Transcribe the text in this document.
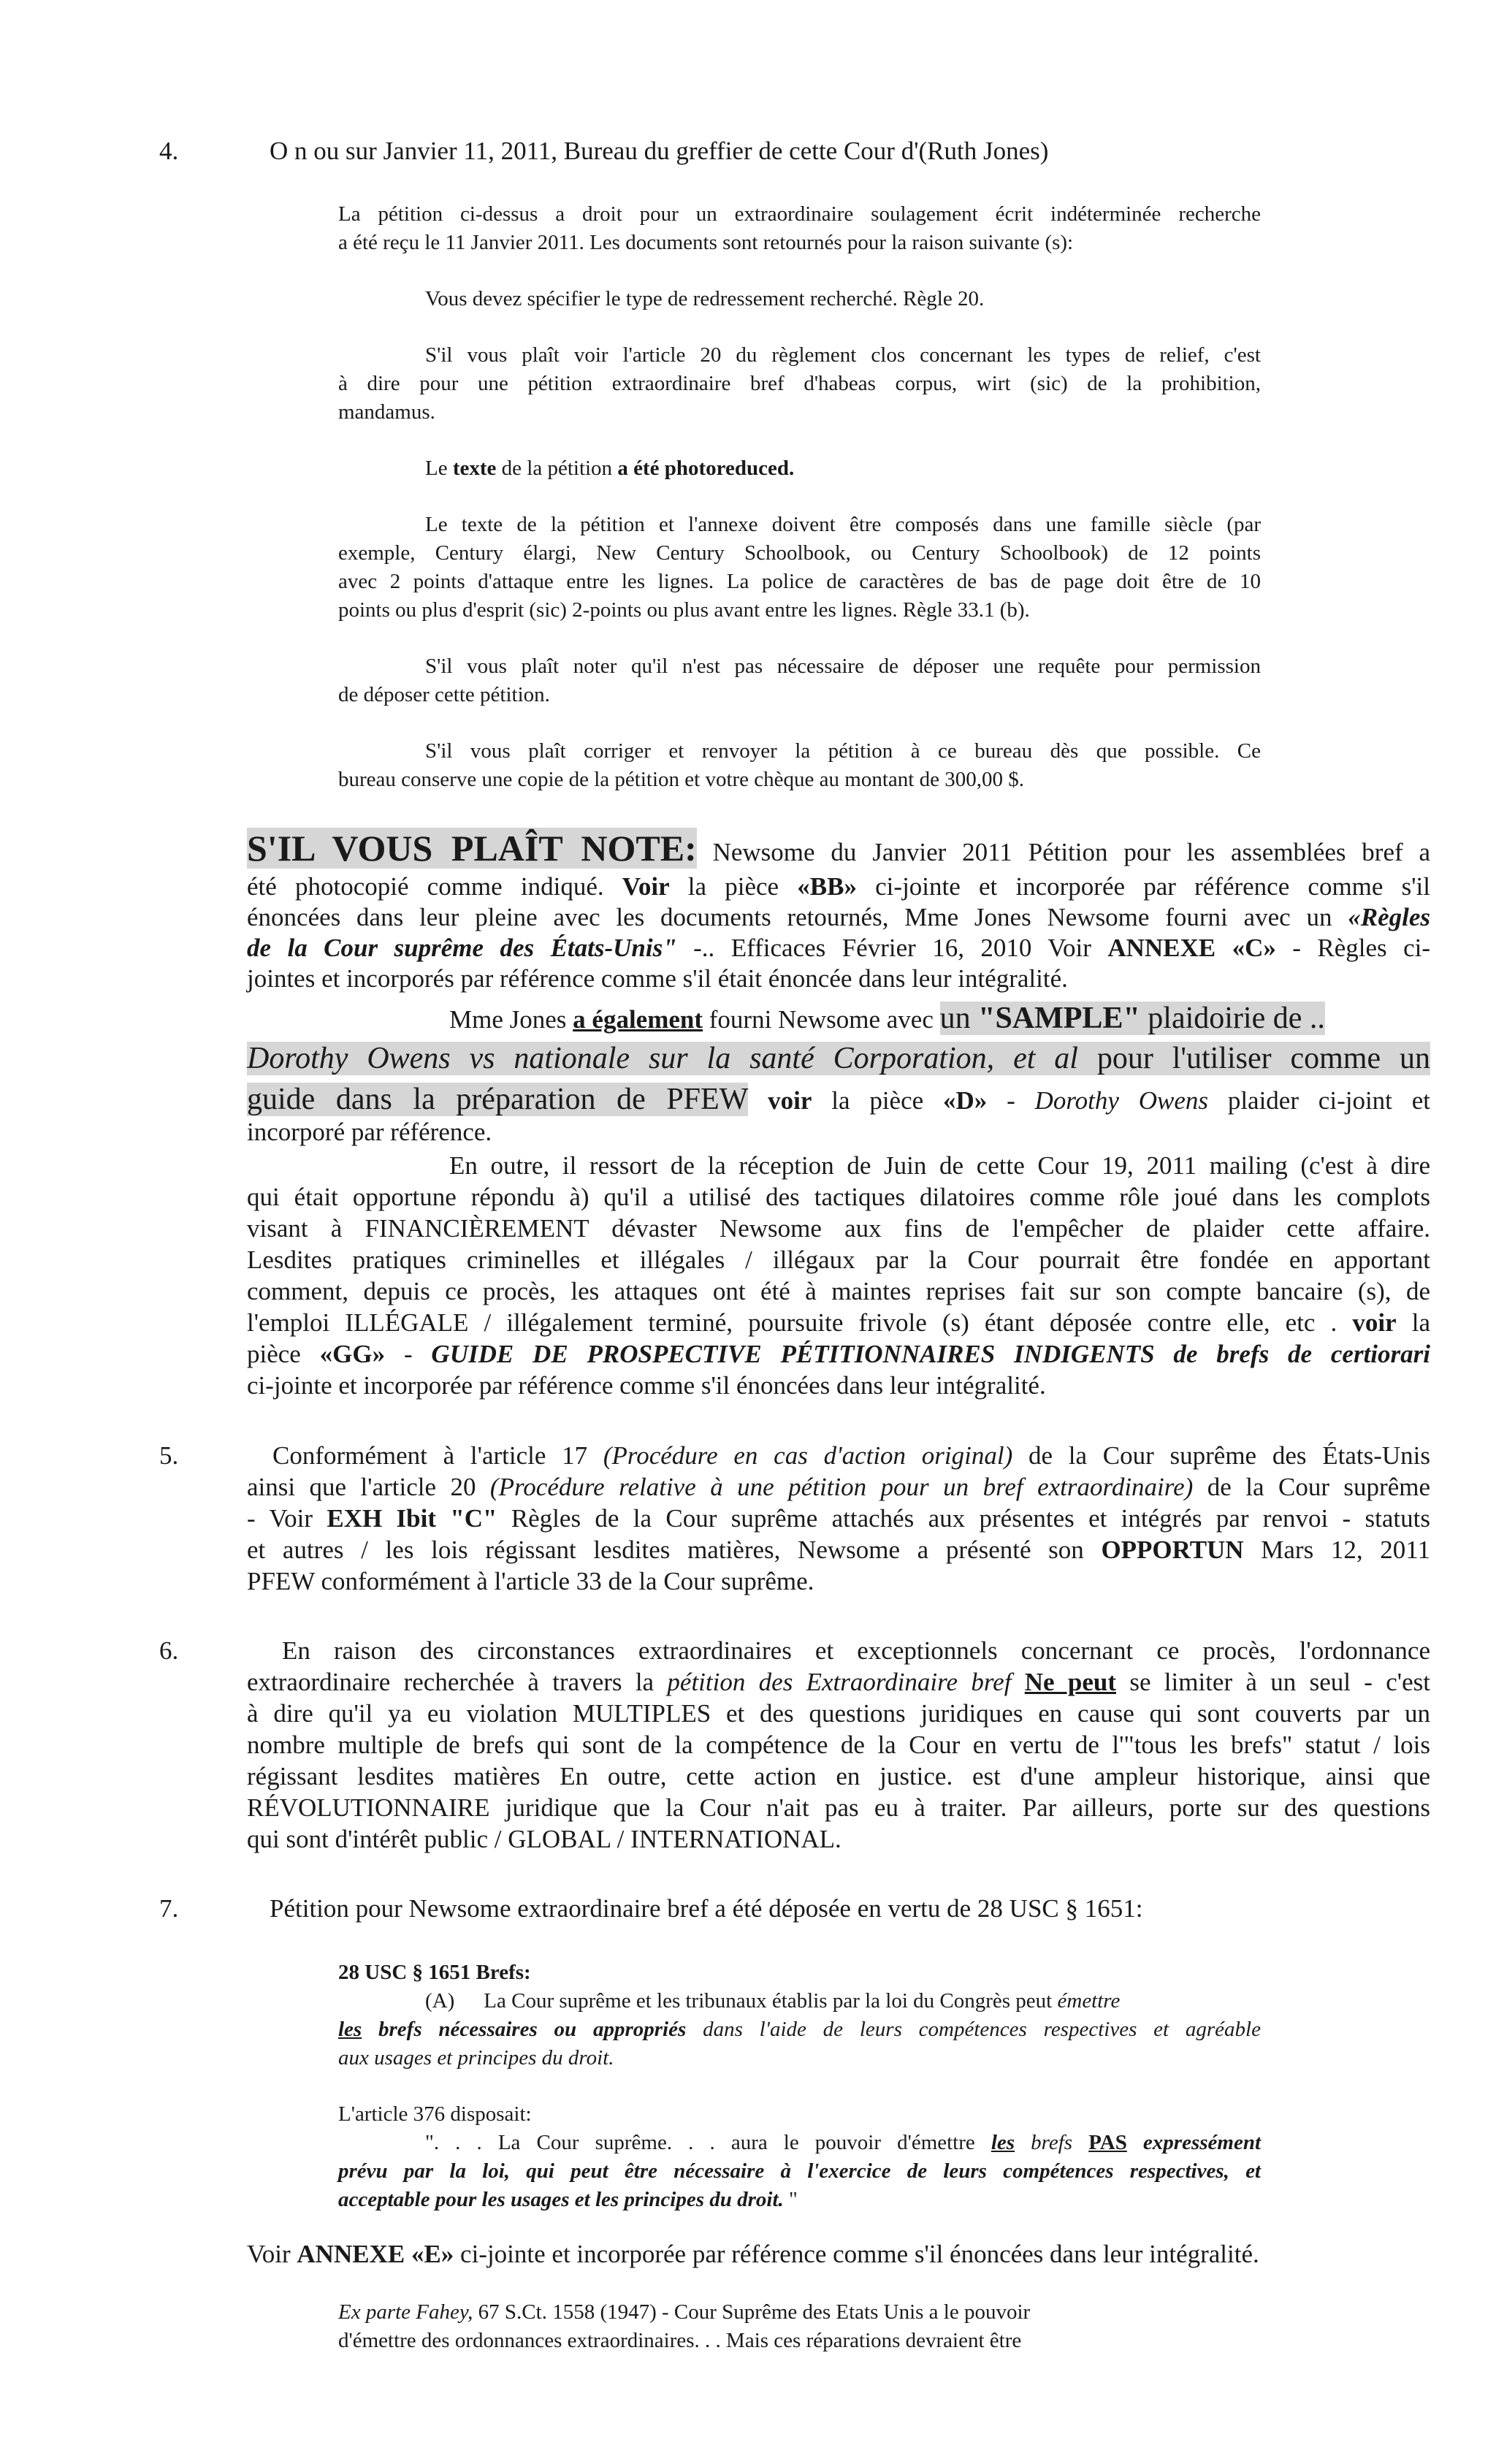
4.	O n ou sur Janvier 11, 2011, Bureau du greffier de cette Cour d'(Ruth Jones)
La pétition ci-dessus a droit pour un extraordinaire soulagement écrit indéterminée recherche
a été reçu le 11 Janvier 2011. Les documents sont retournés pour la raison suivante (s):
Vous devez spécifier le type de redressement recherché. Règle 20.
S'il vous plaît voir l'article 20 du règlement clos concernant les types de relief, c'est
à dire pour une pétition extraordinaire bref d'habeas corpus, wirt (sic) de la prohibition,
mandamus.
Le texte de la pétition a été photoreduced.
Le texte de la pétition et l'annexe doivent être composés dans une famille siècle (par
exemple, Century élargi, New Century Schoolbook, ou Century Schoolbook) de 12 points
avec 2 points d'attaque entre les lignes. La police de caractères de bas de page doit être de 10
points ou plus d'esprit (sic) 2-points ou plus avant entre les lignes. Règle 33.1 (b).
S'il vous plaît noter qu'il n'est pas nécessaire de déposer une requête pour permission
de déposer cette pétition.
S'il vous plaît corriger et renvoyer la pétition à ce bureau dès que possible. Ce
bureau conserve une copie de la pétition et votre chèque au montant de 300,00 $.
S'IL VOUS PLAÎT NOTE: Newsome du Janvier 2011 Pétition pour les assemblées bref a
été photocopié comme indiqué. Voir la pièce «BB» ci-jointe et incorporée par référence comme s'il
énoncées dans leur pleine avec les documents retournés, Mme Jones Newsome fourni avec un «Règles
de la Cour suprême des États-Unis" -.. Efficaces Février 16, 2010 Voir ANNEXE «C» - Règles ci-
jointes et incorporés par référence comme s'il était énoncée dans leur intégralité.
Mme Jones a également fourni Newsome avec un "SAMPLE" plaidoirie de ..
Dorothy Owens vs nationale sur la santé Corporation, et al pour l'utiliser comme un
guide dans la préparation de PFEW voir la pièce «D» - Dorothy Owens plaider ci-joint et
incorporé par référence.
En outre, il ressort de la réception de Juin de cette Cour 19, 2011 mailing (c'est à dire
qui était opportune répondu à) qu'il a utilisé des tactiques dilatoires comme rôle joué dans les complots
visant à FINANCIÈREMENT dévaster Newsome aux fins de l'empêcher de plaider cette affaire.
Lesdites pratiques criminelles et illégales / illégaux par la Cour pourrait être fondée en apportant
comment, depuis ce procès, les attaques ont été à maintes reprises fait sur son compte bancaire (s), de
l'emploi ILLÉGALE / illégalement terminé, poursuite frivole (s) étant déposée contre elle, etc . voir la
pièce «GG» - GUIDE DE PROSPECTIVE PÉTITIONNAIRES INDIGENTS de brefs de certiorari
ci-jointe et incorporée par référence comme s'il énoncées dans leur intégralité.
5.	Conformément à l'article 17 (Procédure en cas d'action original) de la Cour suprême des États-Unis
ainsi que l'article 20 (Procédure relative à une pétition pour un bref extraordinaire) de la Cour suprême
- Voir EXH Ibit "C" Règles de la Cour suprême attachés aux présentes et intégrés par renvoi - statuts
et autres / les lois régissant lesdites matières, Newsome a présenté son OPPORTUN Mars 12, 2011
PFEW conformément à l'article 33 de la Cour suprême.
6.	En raison des circonstances extraordinaires et exceptionnels concernant ce procès, l'ordonnance
extraordinaire recherchée à travers la pétition des Extraordinaire bref Ne peut se limiter à un seul - c'est
à dire qu'il ya eu violation MULTIPLES et des questions juridiques en cause qui sont couverts par un
nombre multiple de brefs qui sont de la compétence de la Cour en vertu de l'"tous les brefs" statut / lois
régissant lesdites matières En outre, cette action en justice. est d'une ampleur historique, ainsi que
RÉVOLUTIONNAIRE juridique que la Cour n'ait pas eu à traiter. Par ailleurs, porte sur des questions
qui sont d'intérêt public / GLOBAL / INTERNATIONAL.
7.	Pétition pour Newsome extraordinaire bref a été déposée en vertu de 28 USC § 1651:
28 USC § 1651 Brefs:
(A) La Cour suprême et les tribunaux établis par la loi du Congrès peut émettre
les brefs nécessaires ou appropriés dans l'aide de leurs compétences respectives et agréable
aux usages et principes du droit.
L'article 376 disposait:
". . . La Cour suprême. . . aura le pouvoir d'émettre les brefs PAS expressément
prévu par la loi, qui peut être nécessaire à l'exercice de leurs compétences respectives, et
acceptable pour les usages et les principes du droit. "
Voir ANNEXE «E» ci-jointe et incorporée par référence comme s'il énoncées dans leur intégralité.
Ex parte Fahey, 67 S.Ct. 1558 (1947) - Cour Suprême des Etats Unis a le pouvoir
d'émettre des ordonnances extraordinaires. . . Mais ces réparations devraient être
